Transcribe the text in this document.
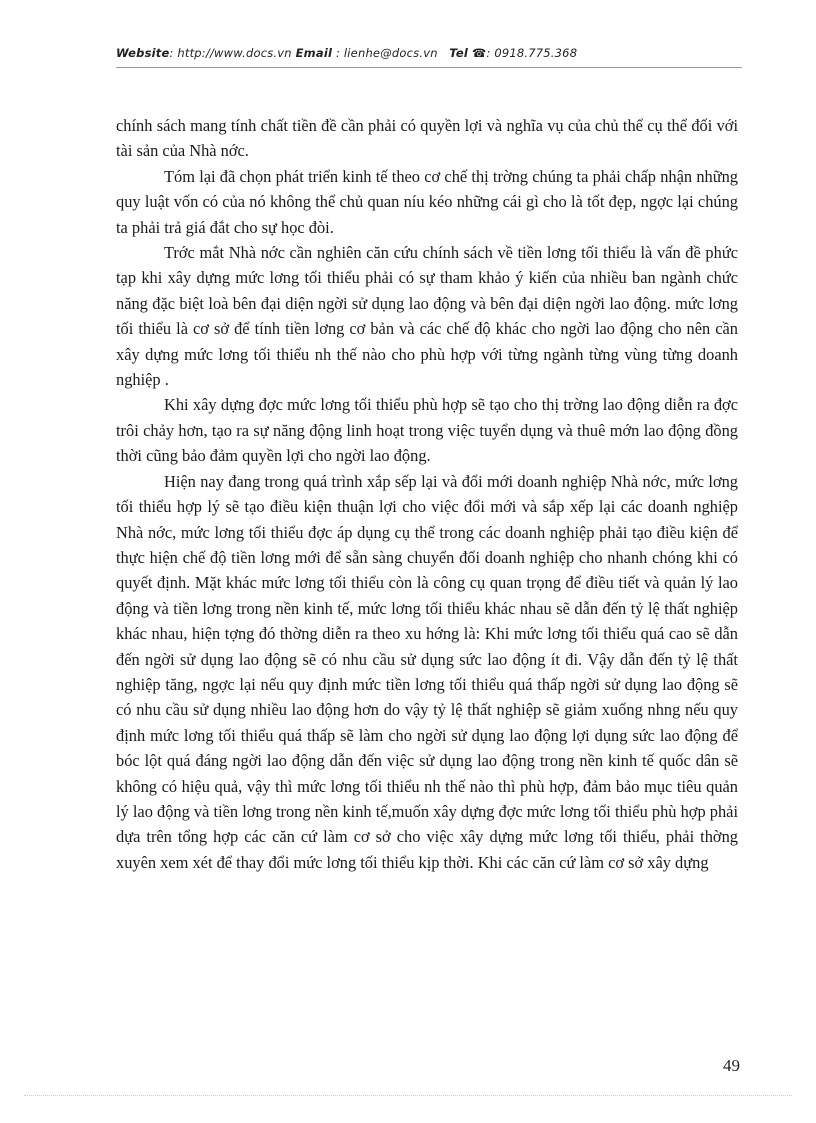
Website: http://www.docs.vn Email : lienhe@docs.vn Tel ☎: 0918.775.368

chính sách mang tính chất tiền đề cần phải có quyền lợi và nghĩa vụ của chủ thể cụ thể đối với tài sản của Nhà nớc.

Tóm lại đã chọn phát triển kinh tế theo cơ chế thị trờng chúng ta phải chấp nhận những quy luật vốn có của nó không thể chủ quan níu kéo những cái gì cho là tốt đẹp, ngợc lại chúng ta phải trả giá đắt cho sự học đòi.

Trớc mắt Nhà nớc cần nghiên căn cứu chính sách về tiền lơng tối thiểu là vấn đề phức tạp khi xây dựng mức lơng tối thiểu phải có sự tham khảo ý kiến của nhiều ban ngành chức năng đặc biệt loà bên đại diện ngời sử dụng lao động và bên đại diện ngời lao động. mức lơng tối thiểu là cơ sở để tính tiền lơng cơ bản và các chế độ khác cho ngời lao động cho nên cần xây dựng mức lơng tối thiểu nh thế nào cho phù hợp với từng ngành từng vùng từng doanh nghiệp .

Khi xây dựng đợc mức lơng tối thiểu phù hợp sẽ tạo cho thị trờng lao động diễn ra đợc trôi chảy hơn, tạo ra sự năng động linh hoạt trong việc tuyển dụng và thuê mớn lao động đồng thời cũng bảo đảm quyền lợi cho ngời lao động.

Hiện nay đang trong quá trình xắp sếp lại và đổi mới doanh nghiệp Nhà nớc, mức lơng tối thiểu hợp lý sẽ tạo điều kiện thuận lợi cho việc đổi mới và sắp xếp lại các doanh nghiệp Nhà nớc, mức lơng tối thiểu đợc áp dụng cụ thể trong các doanh nghiệp phải tạo điều kiện để thực hiện chế độ tiền lơng mới để sẵn sàng chuyển đổi doanh nghiệp cho nhanh chóng khi có quyết định. Mặt khác mức lơng tối thiểu còn là công cụ quan trọng để điều tiết và quản lý lao động và tiền lơng trong nền kinh tế, mức lơng tối thiểu khác nhau sẽ dẫn đến tỷ lệ thất nghiệp khác nhau, hiện tợng đó thờng diễn ra theo xu hớng là: Khi mức lơng tối thiểu quá cao sẽ dẫn đến ngời sử dụng lao động sẽ có nhu cầu sử dụng sức lao động ít đi. Vậy dẫn đến tỷ lệ thất nghiệp tăng, ngợc lại nếu quy định mức tiền lơng tối thiểu quá thấp ngời sử dụng lao động sẽ có nhu cầu sử dụng nhiều lao động hơn do vậy tỷ lệ thất nghiệp sẽ giảm xuống nhng nếu quy định mức lơng tối thiểu quá thấp sẽ làm cho ngời sử dụng lao động lợi dụng sức lao động để bóc lột quá đáng ngời lao động dẫn đến việc sử dụng lao động trong nền kinh tế quốc dân sẽ không có hiệu quả, vậy thì mức lơng tối thiểu nh thế nào thì phù hợp, đảm bảo mục tiêu quản lý lao động và tiền lơng trong nền kinh tế,muốn xây dựng đợc mức lơng tối thiểu phù hợp phải dựa trên tổng hợp các căn cứ làm cơ sở cho việc xây dựng mức lơng tối thiểu, phải thờng xuyên xem xét để thay đổi mức lơng tối thiểu kịp thời. Khi các căn cứ làm cơ sở xây dựng

49
